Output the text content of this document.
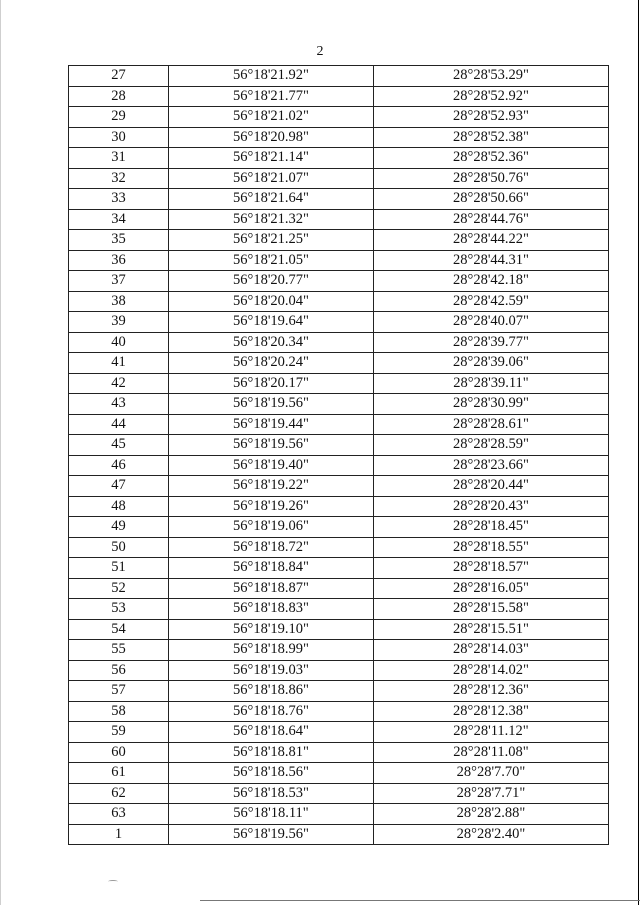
2
27	56°18'21.92"	28°28'53.29"
28	56°18'21.77"	28°28'52.92"
29	56°18'21.02"	28°28'52.93"
30	56°18'20.98"	28°28'52.38"
31	56°18'21.14"	28°28'52.36"
32	56°18'21.07"	28°28'50.76"
33	56°18'21.64"	28°28'50.66"
34	56°18'21.32"	28°28'44.76"
35	56°18'21.25"	28°28'44.22"
36	56°18'21.05"	28°28'44.31"
37	56°18'20.77"	28°28'42.18"
38	56°18'20.04"	28°28'42.59"
39	56°18'19.64"	28°28'40.07"
40	56°18'20.34"	28°28'39.77"
41	56°18'20.24"	28°28'39.06"
42	56°18'20.17"	28°28'39.11"
43	56°18'19.56"	28°28'30.99"
44	56°18'19.44"	28°28'28.61"
45	56°18'19.56"	28°28'28.59"
46	56°18'19.40"	28°28'23.66"
47	56°18'19.22"	28°28'20.44"
48	56°18'19.26"	28°28'20.43"
49	56°18'19.06"	28°28'18.45"
50	56°18'18.72"	28°28'18.55"
51	56°18'18.84"	28°28'18.57"
52	56°18'18.87"	28°28'16.05"
53	56°18'18.83"	28°28'15.58"
54	56°18'19.10"	28°28'15.51"
55	56°18'18.99"	28°28'14.03"
56	56°18'19.03"	28°28'14.02"
57	56°18'18.86"	28°28'12.36"
58	56°18'18.76"	28°28'12.38"
59	56°18'18.64"	28°28'11.12"
60	56°18'18.81"	28°28'11.08"
61	56°18'18.56"	28°28'7.70"
62	56°18'18.53"	28°28'7.71"
63	56°18'18.11"	28°28'2.88"
1	56°18'19.56"	28°28'2.40"
